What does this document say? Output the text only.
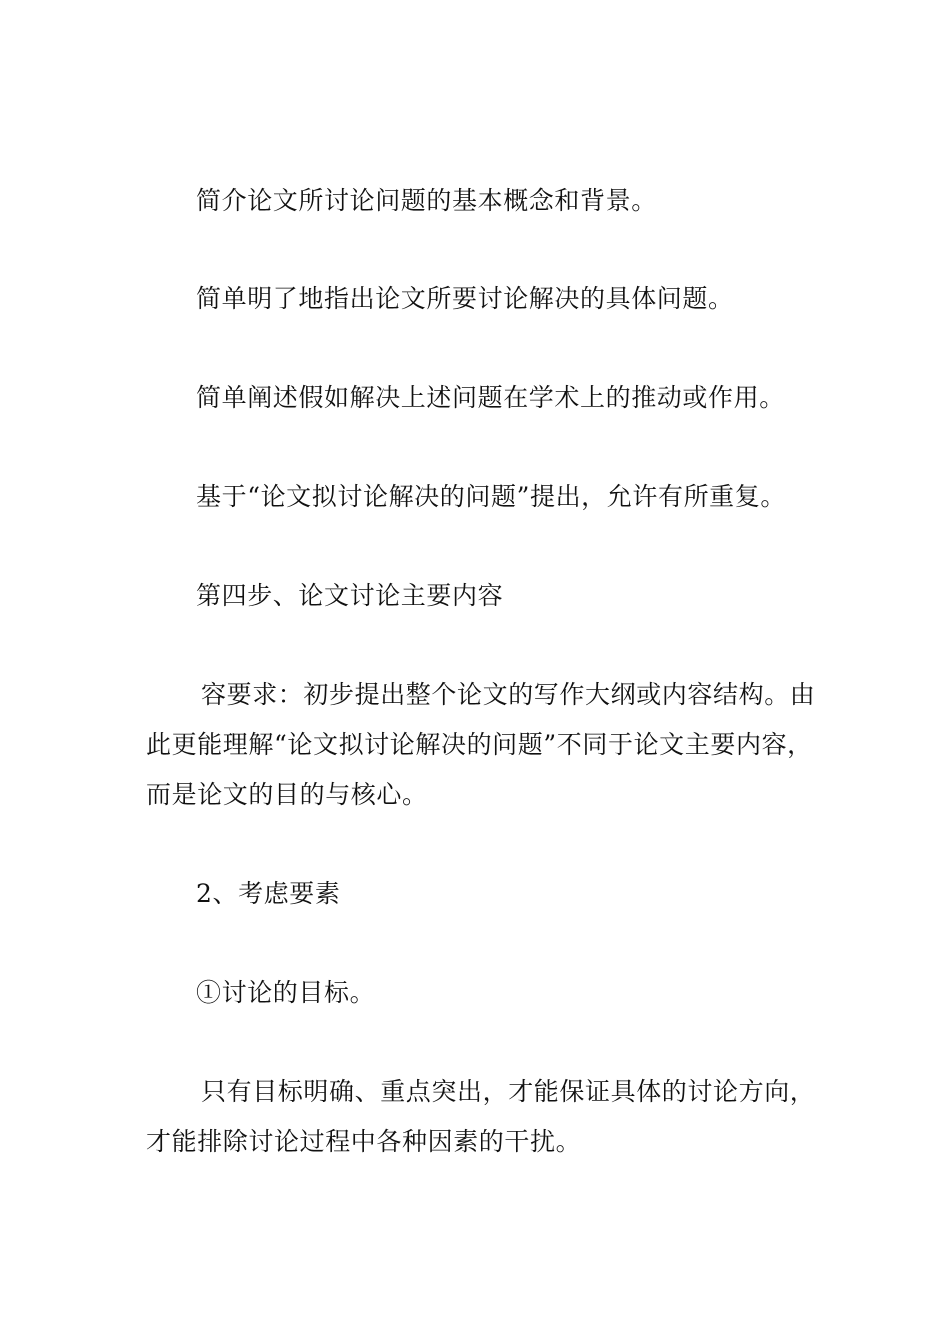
简介论文所讨论问题的基本概念和背景。

简单明了地指出论文所要讨论解决的具体问题。

简单阐述假如解决上述问题在学术上的推动或作用。

基于“论文拟讨论解决的问题”提出，允许有所重复。

第四步、论文讨论主要内容

容要求：初步提出整个论文的写作大纲或内容结构。由此更能理解“论文拟讨论解决的问题”不同于论文主要内容，而是论文的目的与核心。

2、考虑要素

①讨论的目标。

只有目标明确、重点突出，才能保证具体的讨论方向，才能排除讨论过程中各种因素的干扰。
